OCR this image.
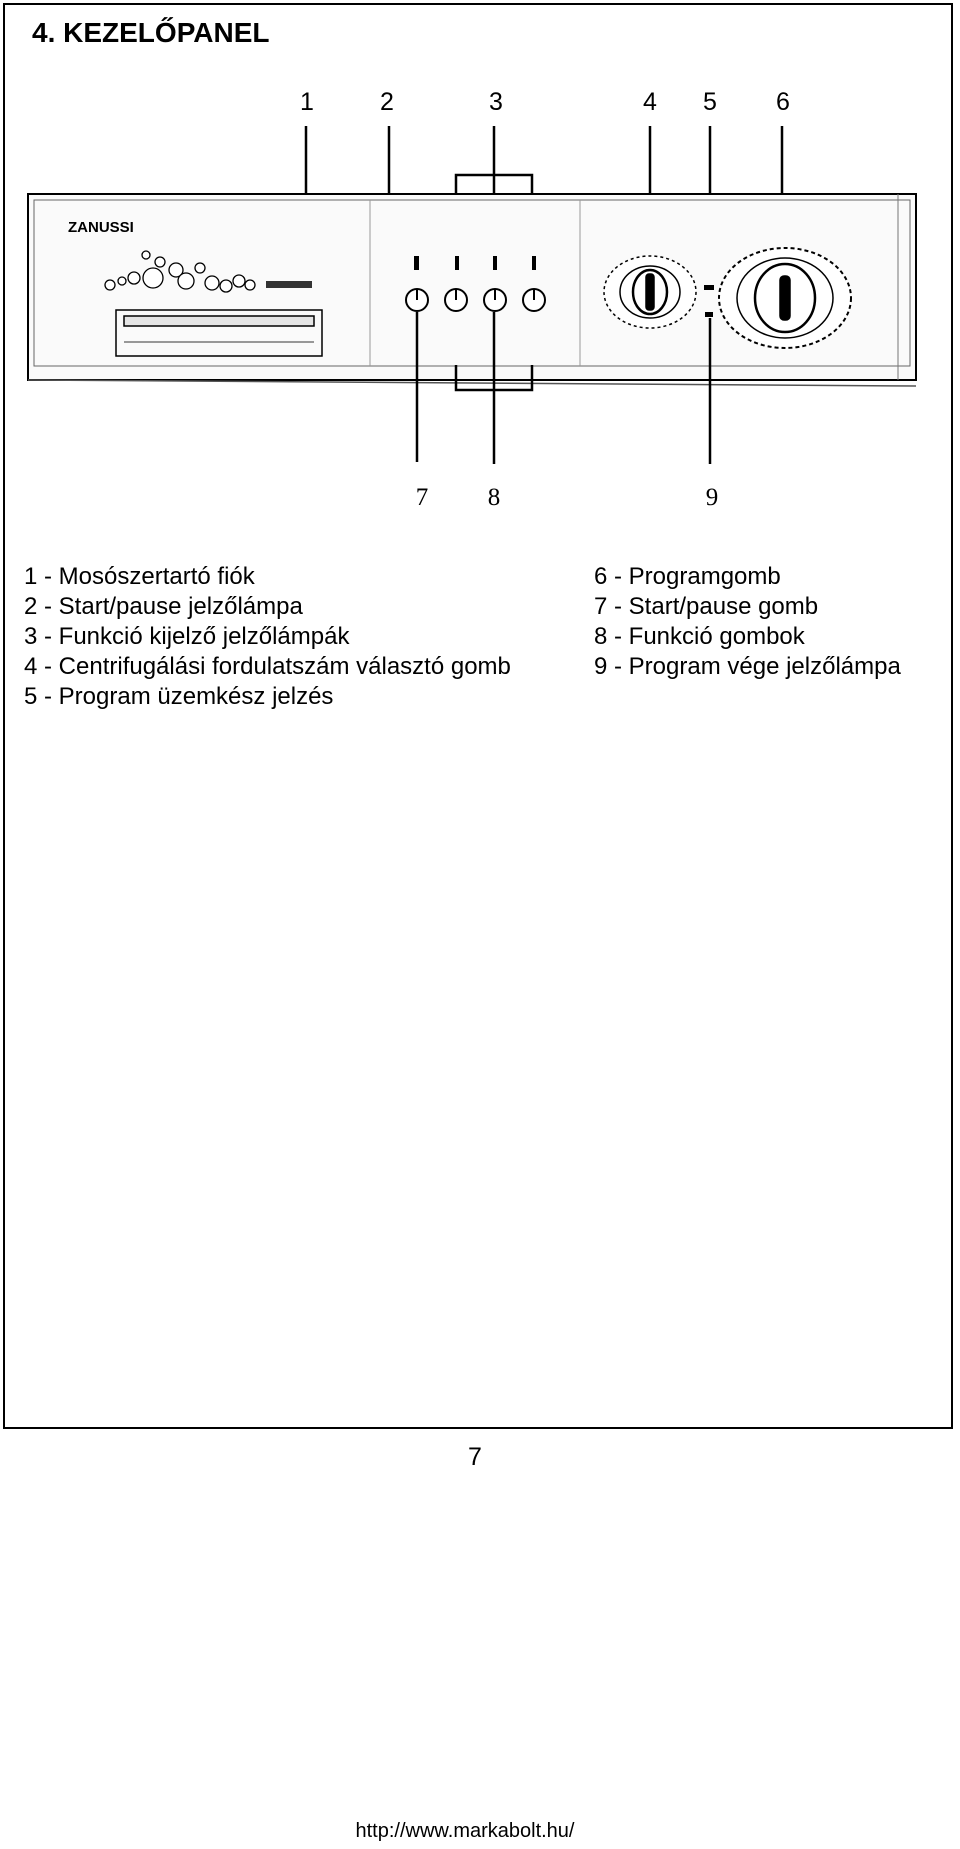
4. KEZELŐPANEL
1	2	3	4 5 6
ZANUSSI
7 8	9
1 - Mosószertartó fiók
2 - Start/pause jelzőlámpa
3 - Funkció kijelző jelzőlámpák
4 - Centrifugálási fordulatszám választó gomb
5 - Program üzemkész jelzés
6 - Programgomb
7 - Start/pause gomb
8 - Funkció gombok
9 - Program vége jelzőlámpa
7
http://www.markabolt.hu/
